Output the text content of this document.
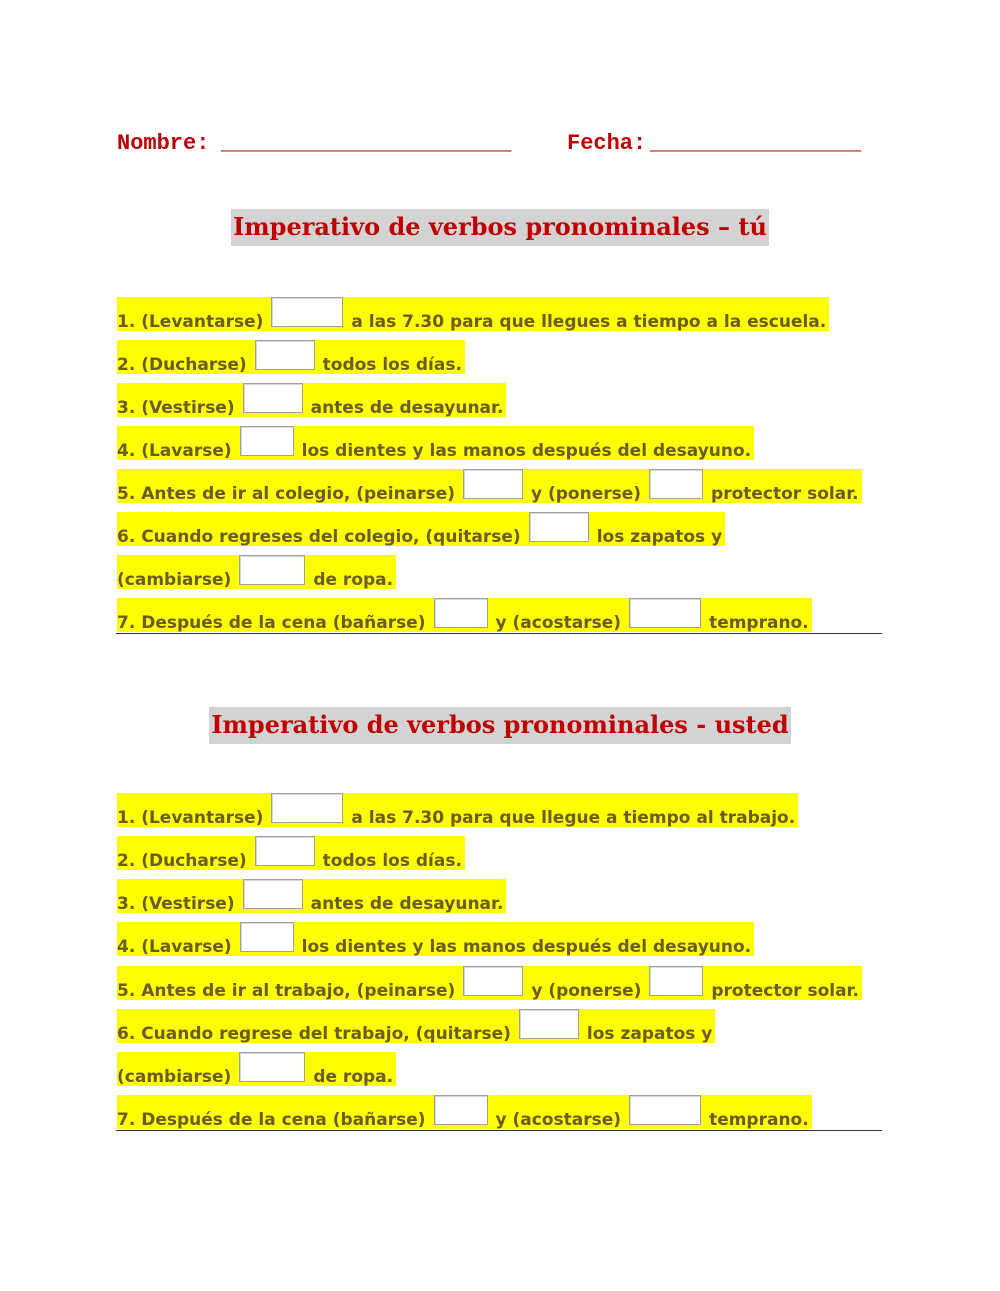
Nombre: ______________________	Fecha: ________________
Imperativo de verbos pronominales – tú
1. (Levantarse)	a las 7.30 para que llegues a tiempo a la escuela.
2. (Ducharse)	todos los días.
3. (Vestirse)	antes de desayunar.
4. (Lavarse)	los dientes y las manos después del desayuno.
5. Antes de ir al colegio, (peinarse)	y (ponerse)	protector solar.
6. Cuando regreses del colegio, (quitarse)	los zapatos y
(cambiarse)	de ropa.
7. Después de la cena (bañarse)	y (acostarse)	temprano.
Imperativo de verbos pronominales - usted
1. (Levantarse)	a las 7.30 para que llegue a tiempo al trabajo.
2. (Ducharse)	todos los días.
3. (Vestirse)	antes de desayunar.
4. (Lavarse)	los dientes y las manos después del desayuno.
5. Antes de ir al trabajo, (peinarse)	y (ponerse)	protector solar.
6. Cuando regrese del trabajo, (quitarse)	los zapatos y
(cambiarse)	de ropa.
7. Después de la cena (bañarse)	y (acostarse)	temprano.
